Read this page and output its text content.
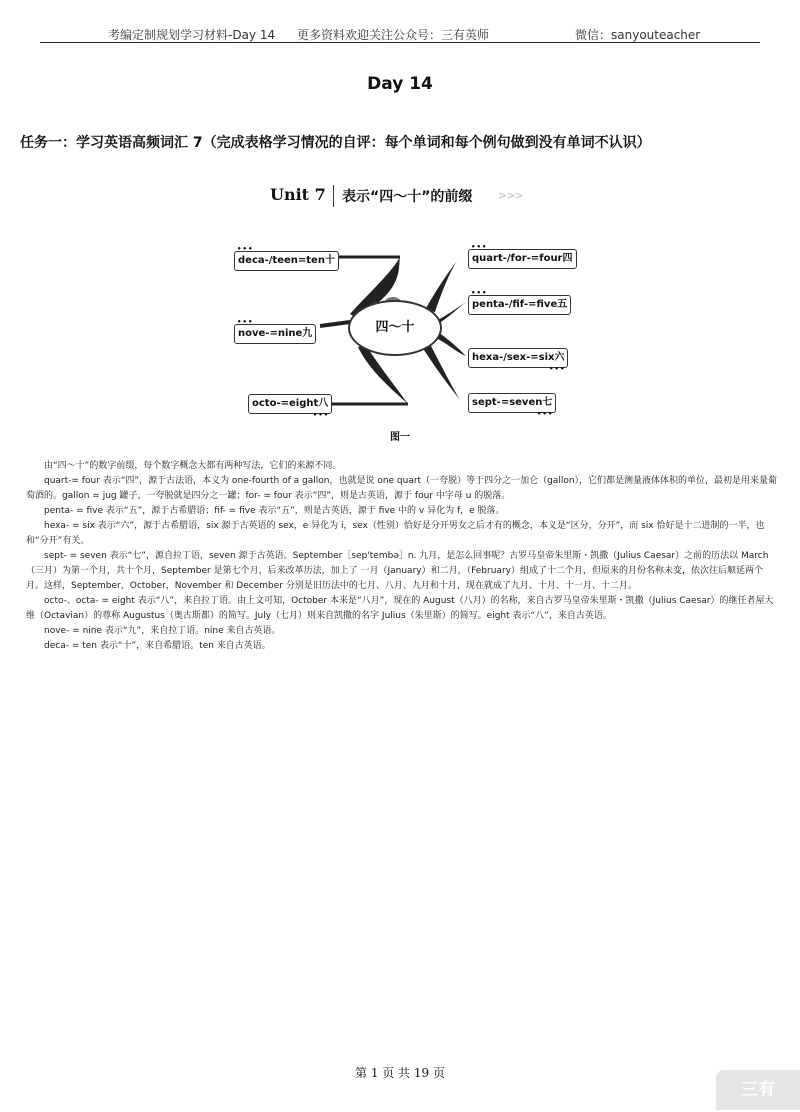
考编定制规划学习材料-Day 14 更多资料欢迎关注公众号：三有英师	微信：sanyouteacher
Day 14
任务一：学习英语高频词汇 7（完成表格学习情况的自评：每个单词和每个例句做到没有单词不认识）
Unit 7 表示“四～十”的前缀 >>>
四～十
•••
deca-/teen=ten十
•••
nove-=nine九
•••
octo-=eight八
•••
quart-/for-=four四
•••
penta-/fif-=five五
•••
hexa-/sex-=six六
•••
sept-=seven七
图一

由“四～十”的数字前缀，每个数字概念大都有两种写法，它们的来源不同。

quart-= four 表示“四”，源于古法语，本义为 one-fourth of a gallon，也就是说 one quart（一夸脱）等于四分之一加仑（gallon），它们都是测量液体体积的单位，最初是用来量葡萄酒的。gallon = jug 罐子，一夸脱就是四分之一罐；for- = four 表示“四”，则是古英语，源于 four 中字母 u 的脱落。

penta- = five 表示“五”，源于古希腊语；fif- = five 表示“五”，则是古英语，源于 five 中的 v 异化为 f，e 脱落。

hexa- = six 表示“六”，源于古希腊语，six 源于古英语的 sex，e 异化为 i，sex（性别）恰好是分开男女之后才有的概念，本义是“区分，分开”，而 six 恰好是十二进制的一半，也和“分开”有关。

sept- = seven 表示“七”，源自拉丁语，seven 源于古英语。September［sep'tembə］n. 九月，是怎么回事呢？古罗马皇帝朱里斯・凯撒（Julius Caesar）之前的历法以 March（三月）为第一个月，共十个月，September 是第七个月，后来改革历法，加上了 一月（January）和二月，（February）组成了十二个月，但原来的月份名称未变，依次往后顺延两个月。这样，September，October，November 和 December 分别是旧历法中的七月、八月、九月和十月，现在就成了九月、十月、十一月、十二月。

octo-、octa- = eight 表示“八”，来自拉丁语。由上文可知，October 本来是“八月”，现在的 August（八月）的名称，来自古罗马皇帝朱里斯・凯撒（Julius Caesar）的继任者屋大维（Octavian）的尊称 Augustus（奥古斯都）的简写。July（七月）则来自凯撒的名字 Julius（朱里斯）的简写。eight 表示“八”，来自古英语。

nove- = nine 表示“九”，来自拉丁语。nine 来自古英语。

deca- = ten 表示“十”，来自希腊语。ten 来自古英语。

第 1 页 共 19 页
三有
